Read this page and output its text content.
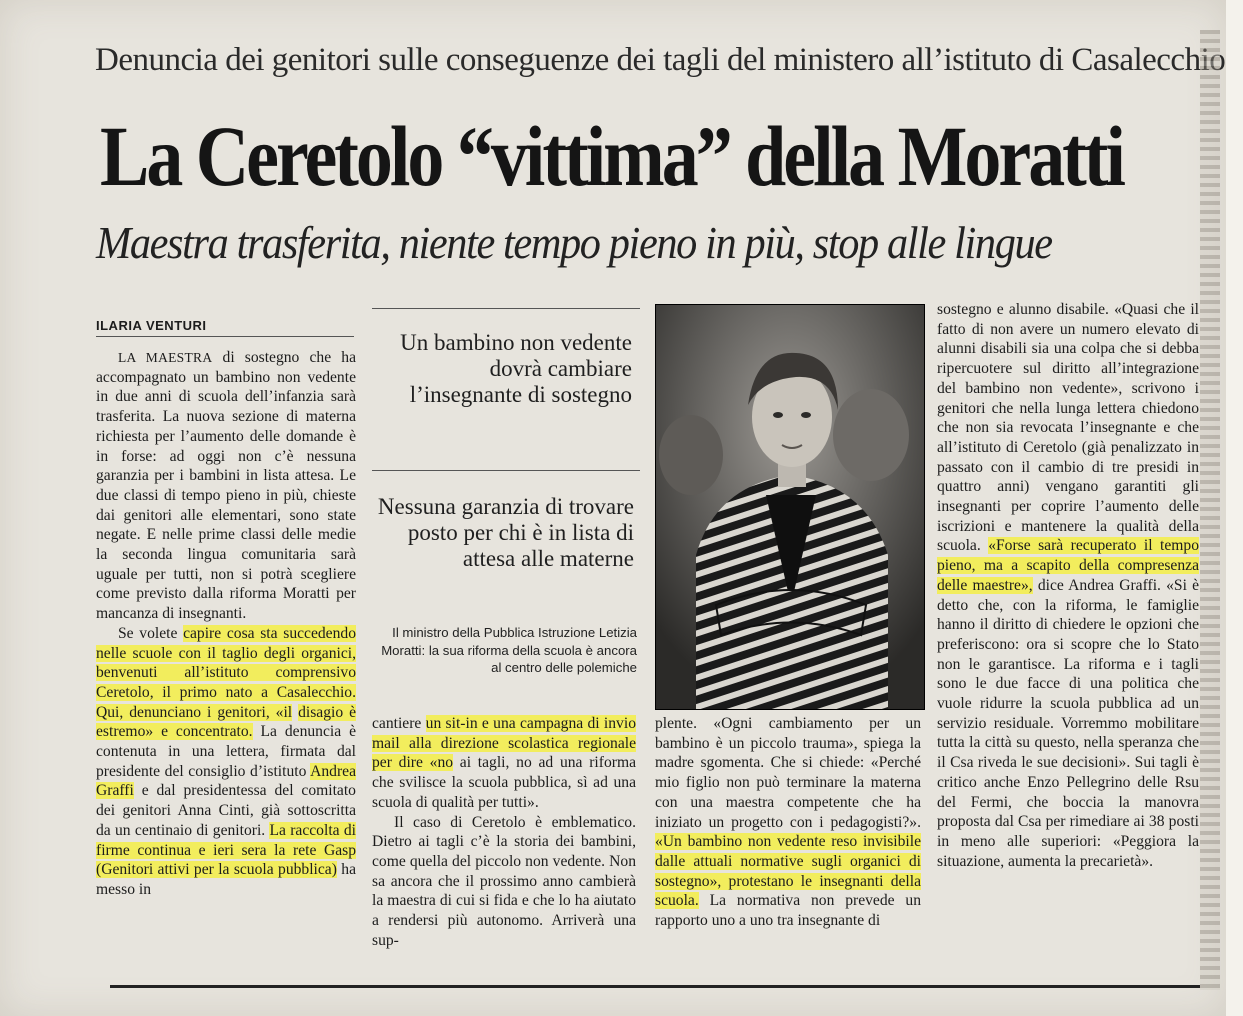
Denuncia dei genitori sulle conseguenze dei tagli del ministero all’istituto di Casalecchio
La Ceretolo “vittima” della Moratti
Maestra trasferita, niente tempo pieno in più, stop alle lingue
ILARIA VENTURI

LA MAESTRA di sostegno che ha accompagnato un bambino non vedente in due anni di scuola dell’infanzia sarà trasferita. La nuova sezione di materna richiesta per l’aumento delle domande è in forse: ad oggi non c’è nessuna garanzia per i bambini in lista attesa. Le due classi di tempo pieno in più, chieste dai genitori alle elementari, sono state negate. E nelle prime classi delle medie la seconda lingua comunitaria sarà uguale per tutti, non si potrà scegliere come previsto dalla riforma Moratti per mancanza di insegnanti.

Se volete capire cosa sta succedendo nelle scuole con il taglio degli organici, benvenuti all’istituto comprensivo Ceretolo, il primo nato a Casalecchio. Qui, denunciano i genitori, «il disagio è estremo» e concentrato. La denuncia è contenuta in una lettera, firmata dal presidente del consiglio d’istituto Andrea Graffi e dal presidentessa del comitato dei genitori Anna Cinti, già sottoscritta da un centinaio di genitori. La raccolta di firme continua e ieri sera la rete Gasp (Genitori attivi per la scuola pubblica) ha messo in

Un bambino non vedente dovrà cambiare l’insegnante di sostegno
Nessuna garanzia di trovare posto per chi è in lista di attesa alle materne
Il ministro della Pubblica Istruzione Letizia Moratti: la sua riforma della scuola è ancora al centro delle polemiche

cantiere un sit-in e una campagna di invio mail alla direzione scolastica regionale per dire «no ai tagli, no ad una riforma che svilisce la scuola pubblica, sì ad una scuola di qualità per tutti».

Il caso di Ceretolo è emblematico. Dietro ai tagli c’è la storia dei bambini, come quella del piccolo non vedente. Non sa ancora che il prossimo anno cambierà la maestra di cui si fida e che lo ha aiutato a rendersi più autonomo. Arriverà una sup-

plente. «Ogni cambiamento per un bambino è un piccolo trauma», spiega la madre sgomenta. Che si chiede: «Perché mio figlio non può terminare la materna con una maestra competente che ha iniziato un progetto con i pedagogisti?». «Un bambino non vedente reso invisibile dalle attuali normative sugli organici di sostegno», protestano le insegnanti della scuola. La normativa non prevede un rapporto uno a uno tra insegnante di

sostegno e alunno disabile. «Quasi che il fatto di non avere un numero elevato di alunni disabili sia una colpa che si debba ripercuotere sul diritto all’integrazione del bambino non vedente», scrivono i genitori che nella lunga lettera chiedono che non sia revocata l’insegnante e che all’istituto di Ceretolo (già penalizzato in passato con il cambio di tre presidi in quattro anni) vengano garantiti gli insegnanti per coprire l’aumento delle iscrizioni e mantenere la qualità della scuola. «Forse sarà recuperato il tempo pieno, ma a scapito della compresenza delle maestre», dice Andrea Graffi. «Si è detto che, con la riforma, le famiglie hanno il diritto di chiedere le opzioni che preferiscono: ora si scopre che lo Stato non le garantisce. La riforma e i tagli sono le due facce di una politica che vuole ridurre la scuola pubblica ad un servizio residuale. Vorremmo mobilitare tutta la città su questo, nella speranza che il Csa riveda le sue decisioni». Sui tagli è critico anche Enzo Pellegrino delle Rsu del Fermi, che boccia la manovra proposta dal Csa per rimediare ai 38 posti in meno alle superiori: «Peggiora la situazione, aumenta la precarietà».
